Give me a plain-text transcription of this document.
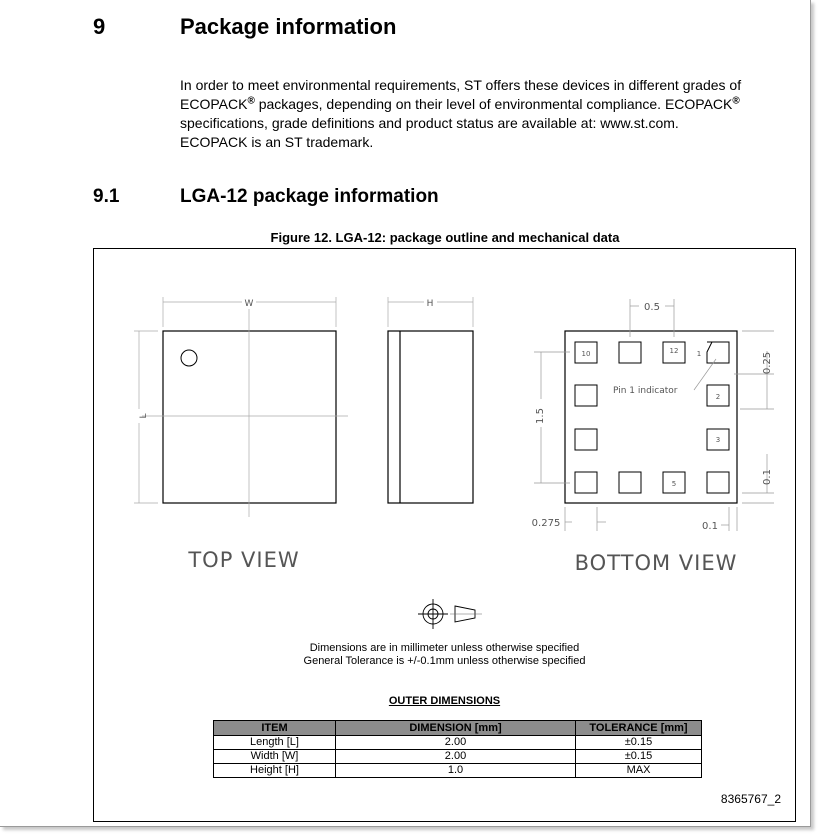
9	Package information
In order to meet environmental requirements, ST offers these devices in different grades of
ECOPACK® packages, depending on their level of environmental compliance. ECOPACK®
specifications, grade definitions and product status are available at: www.st.com.
ECOPACK is an ST trademark.
9.1	LGA-12 package information
Figure 12. LGA-12: package outline and mechanical data
W
L
TOP VIEW
H
1
10	12
2
3
5
Pin 1 indicator
0.5
1.5
0.25
0.1
0.275	0.1
BOTTOM VIEW
Dimensions are in millimeter unless otherwise specified
General Tolerance is +/-0.1mm unless otherwise specified
OUTER DIMENSIONS
ITEM	DIMENSION [mm]	TOLERANCE [mm]
Length [L]	2.00	±0.15
Width [W]	2.00	±0.15
Height [H]	1.0	MAX
8365767_2
